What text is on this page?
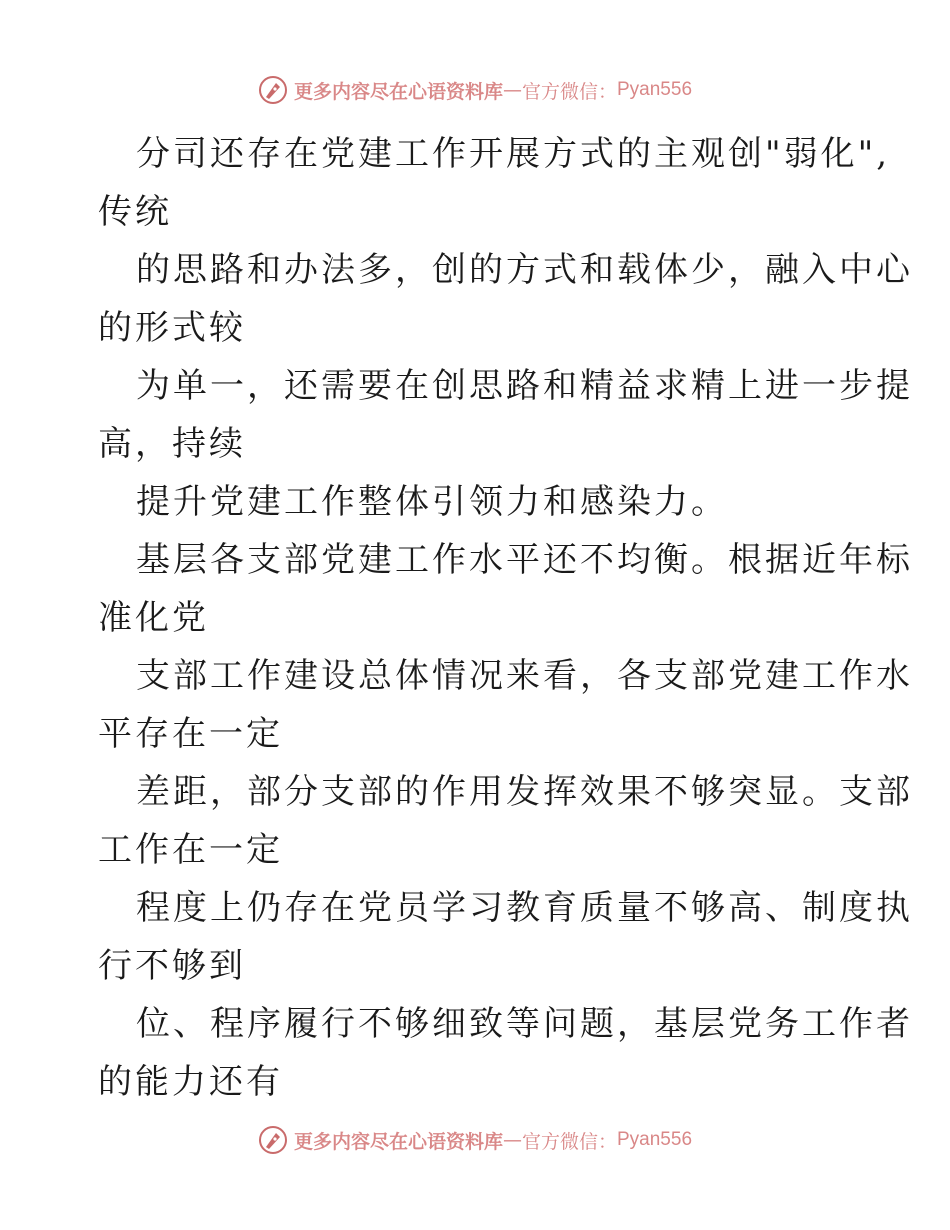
更多内容尽在心语资料库 — 官方微信： Pyan556
分司还存在党建工作开展方式的主观创"弱化",
传统
的思路和办法多，创的方式和载体少，融入中心
的形式较
为单一，还需要在创思路和精益求精上进一步提
高，持续
提升党建工作整体引领力和感染力。
基层各支部党建工作水平还不均衡。根据近年标
准化党
支部工作建设总体情况来看，各支部党建工作水
平存在一定
差距，部分支部的作用发挥效果不够突显。支部
工作在一定
程度上仍存在党员学习教育质量不够高、制度执
行不够到
位、程序履行不够细致等问题，基层党务工作者
的能力还有
更多内容尽在心语资料库 — 官方微信： Pyan556
